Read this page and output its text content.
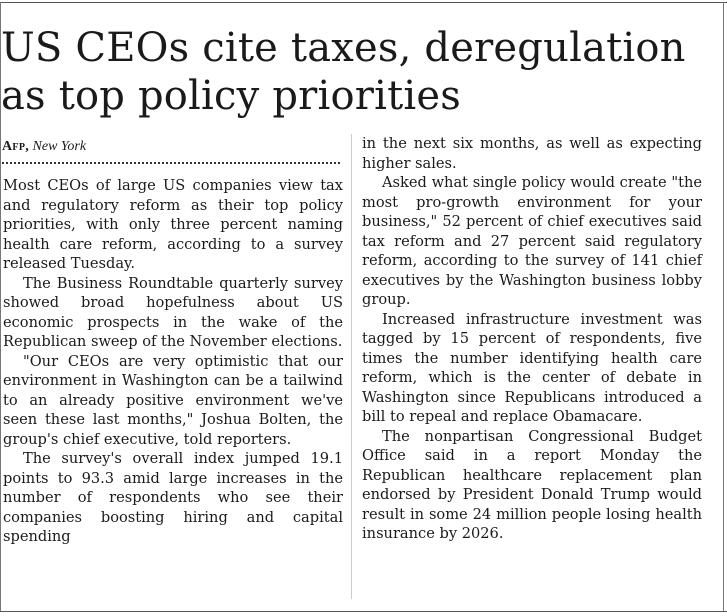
US CEOs cite taxes, deregulation
as top policy priorities
Afp, New York

Most CEOs of large US companies view tax and regulatory reform as their top policy priorities, with only three percent naming health care reform, according to a survey released Tuesday.

The Business Roundtable quarterly survey showed broad hopefulness about US economic prospects in the wake of the Republican sweep of the November elections.

"Our CEOs are very optimistic that our environment in Washington can be a tailwind to an already positive environment we've seen these last months," Joshua Bolten, the group's chief executive, told reporters.

The survey's overall index jumped 19.1 points to 93.3 amid large increases in the number of respondents who see their companies boosting hiring and capital spending

in the next six months, as well as expecting higher sales.

Asked what single policy would create "the most pro-growth environment for your business," 52 percent of chief executives said tax reform and 27 percent said regulatory reform, according to the survey of 141 chief executives by the Washington business lobby group.

Increased infrastructure investment was tagged by 15 percent of respondents, five times the number identifying health care reform, which is the center of debate in Washington since Republicans introduced a bill to repeal and replace Obamacare.

The nonpartisan Congressional Budget Office said in a report Monday the Republican healthcare replacement plan endorsed by President Donald Trump would result in some 24 million people losing health insurance by 2026.
